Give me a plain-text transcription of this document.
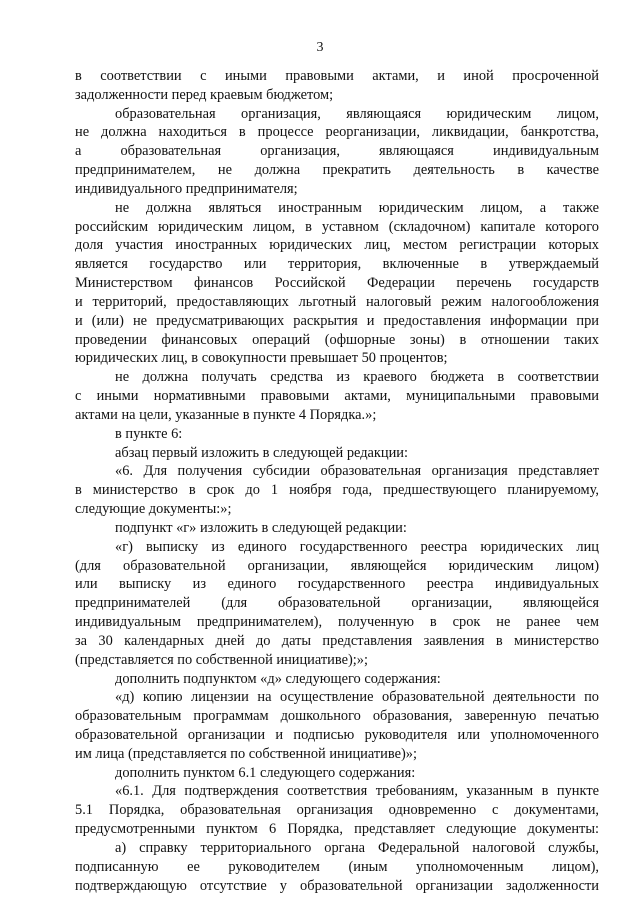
3
в соответствии с иными правовыми актами, и иной просроченной
задолженности перед краевым бюджетом;
образовательная организация, являющаяся юридическим лицом,
не должна находиться в процессе реорганизации, ликвидации, банкротства,
а образовательная организация, являющаяся индивидуальным
предпринимателем, не должна прекратить деятельность в качестве
индивидуального предпринимателя;
не должна являться иностранным юридическим лицом, а также
российским юридическим лицом, в уставном (складочном) капитале которого
доля участия иностранных юридических лиц, местом регистрации которых
является государство или территория, включенные в утверждаемый
Министерством финансов Российской Федерации перечень государств
и территорий, предоставляющих льготный налоговый режим налогообложения
и (или) не предусматривающих раскрытия и предоставления информации при
проведении финансовых операций (офшорные зоны) в отношении таких
юридических лиц, в совокупности превышает 50 процентов;
не должна получать средства из краевого бюджета в соответствии
с иными нормативными правовыми актами, муниципальными правовыми
актами на цели, указанные в пункте 4 Порядка.»;
в пункте 6:
абзац первый изложить в следующей редакции:
«6. Для получения субсидии образовательная организация представляет
в министерство в срок до 1 ноября года, предшествующего планируемому,
следующие документы:»;
подпункт «г» изложить в следующей редакции:
«г) выписку из единого государственного реестра юридических лиц
(для образовательной организации, являющейся юридическим лицом)
или выписку из единого государственного реестра индивидуальных
предпринимателей (для образовательной организации, являющейся
индивидуальным предпринимателем), полученную в срок не ранее чем
за 30 календарных дней до даты представления заявления в министерство
(представляется по собственной инициативе);»;
дополнить подпунктом «д» следующего содержания:
«д) копию лицензии на осуществление образовательной деятельности по
образовательным программам дошкольного образования, заверенную печатью
образовательной организации и подписью руководителя или уполномоченного
им лица (представляется по собственной инициативе)»;
дополнить пунктом 6.1 следующего содержания:
«6.1. Для подтверждения соответствия требованиям, указанным в пункте
5.1 Порядка, образовательная организация одновременно с документами,
предусмотренными пунктом 6 Порядка, представляет следующие документы:
а) справку территориального органа Федеральной налоговой службы,
подписанную ее руководителем (иным уполномоченным лицом),
подтверждающую отсутствие у образовательной организации задолженности
